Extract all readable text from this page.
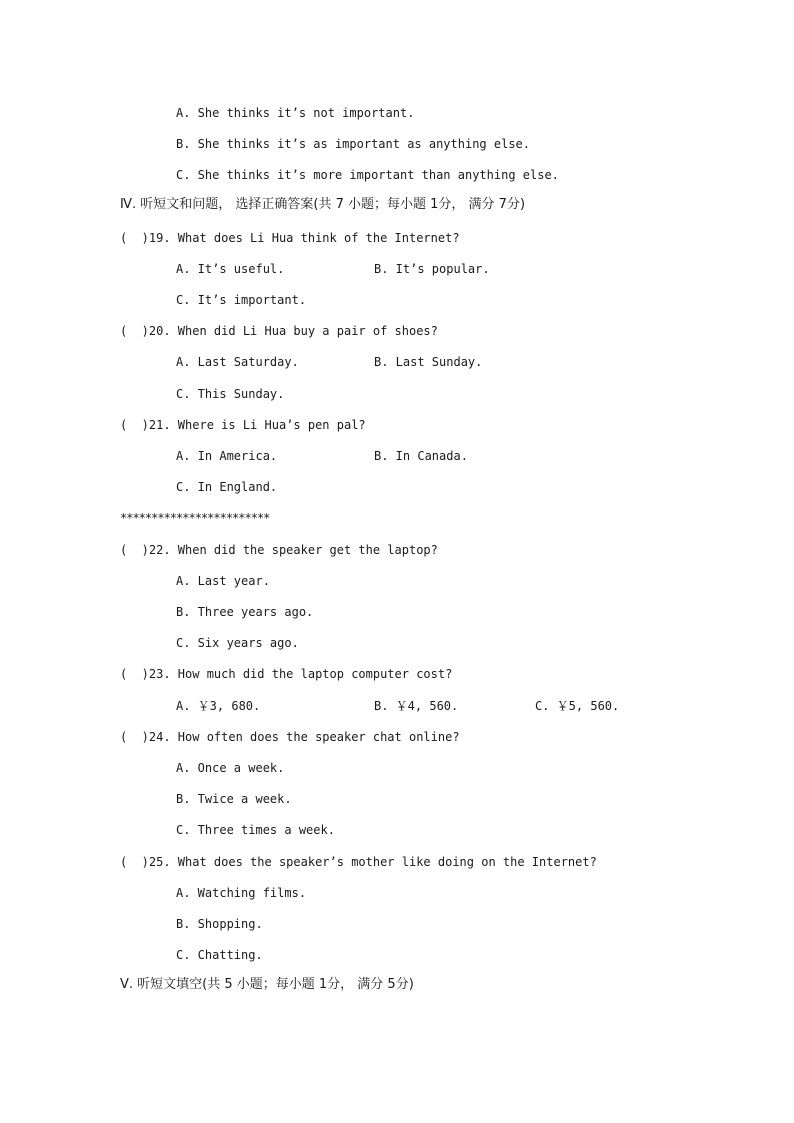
A. She thinks it’s not important.
B. She thinks it’s as important as anything else.
C. She thinks it’s more important than anything else.
Ⅳ. 听短文和问题， 选择正确答案(共 7 小题；每小题 1分， 满分 7分)
(  )19. What does Li Hua think of the Internet?
A. It’s useful.	B. It’s popular.
C. It’s important.
(  )20. When did Li Hua buy a pair of shoes?
A. Last Saturday.	B. Last Sunday.
C. This Sunday.
(  )21. Where is Li Hua’s pen pal?
A. In America.	B. In Canada.
C. In England.
************************
(  )22. When did the speaker get the laptop?
A. Last year.
B. Three years ago.
C. Six years ago.
(  )23. How much did the laptop computer cost?
A. ￥3, 680.	B. ￥4, 560.	C. ￥5, 560.
(  )24. How often does the speaker chat online?
A. Once a week.
B. Twice a week.
C. Three times a week.
(  )25. What does the speaker’s mother like doing on the Internet?
A. Watching films.
B. Shopping.
C. Chatting.
Ⅴ. 听短文填空(共 5 小题；每小题 1分， 满分 5分)
